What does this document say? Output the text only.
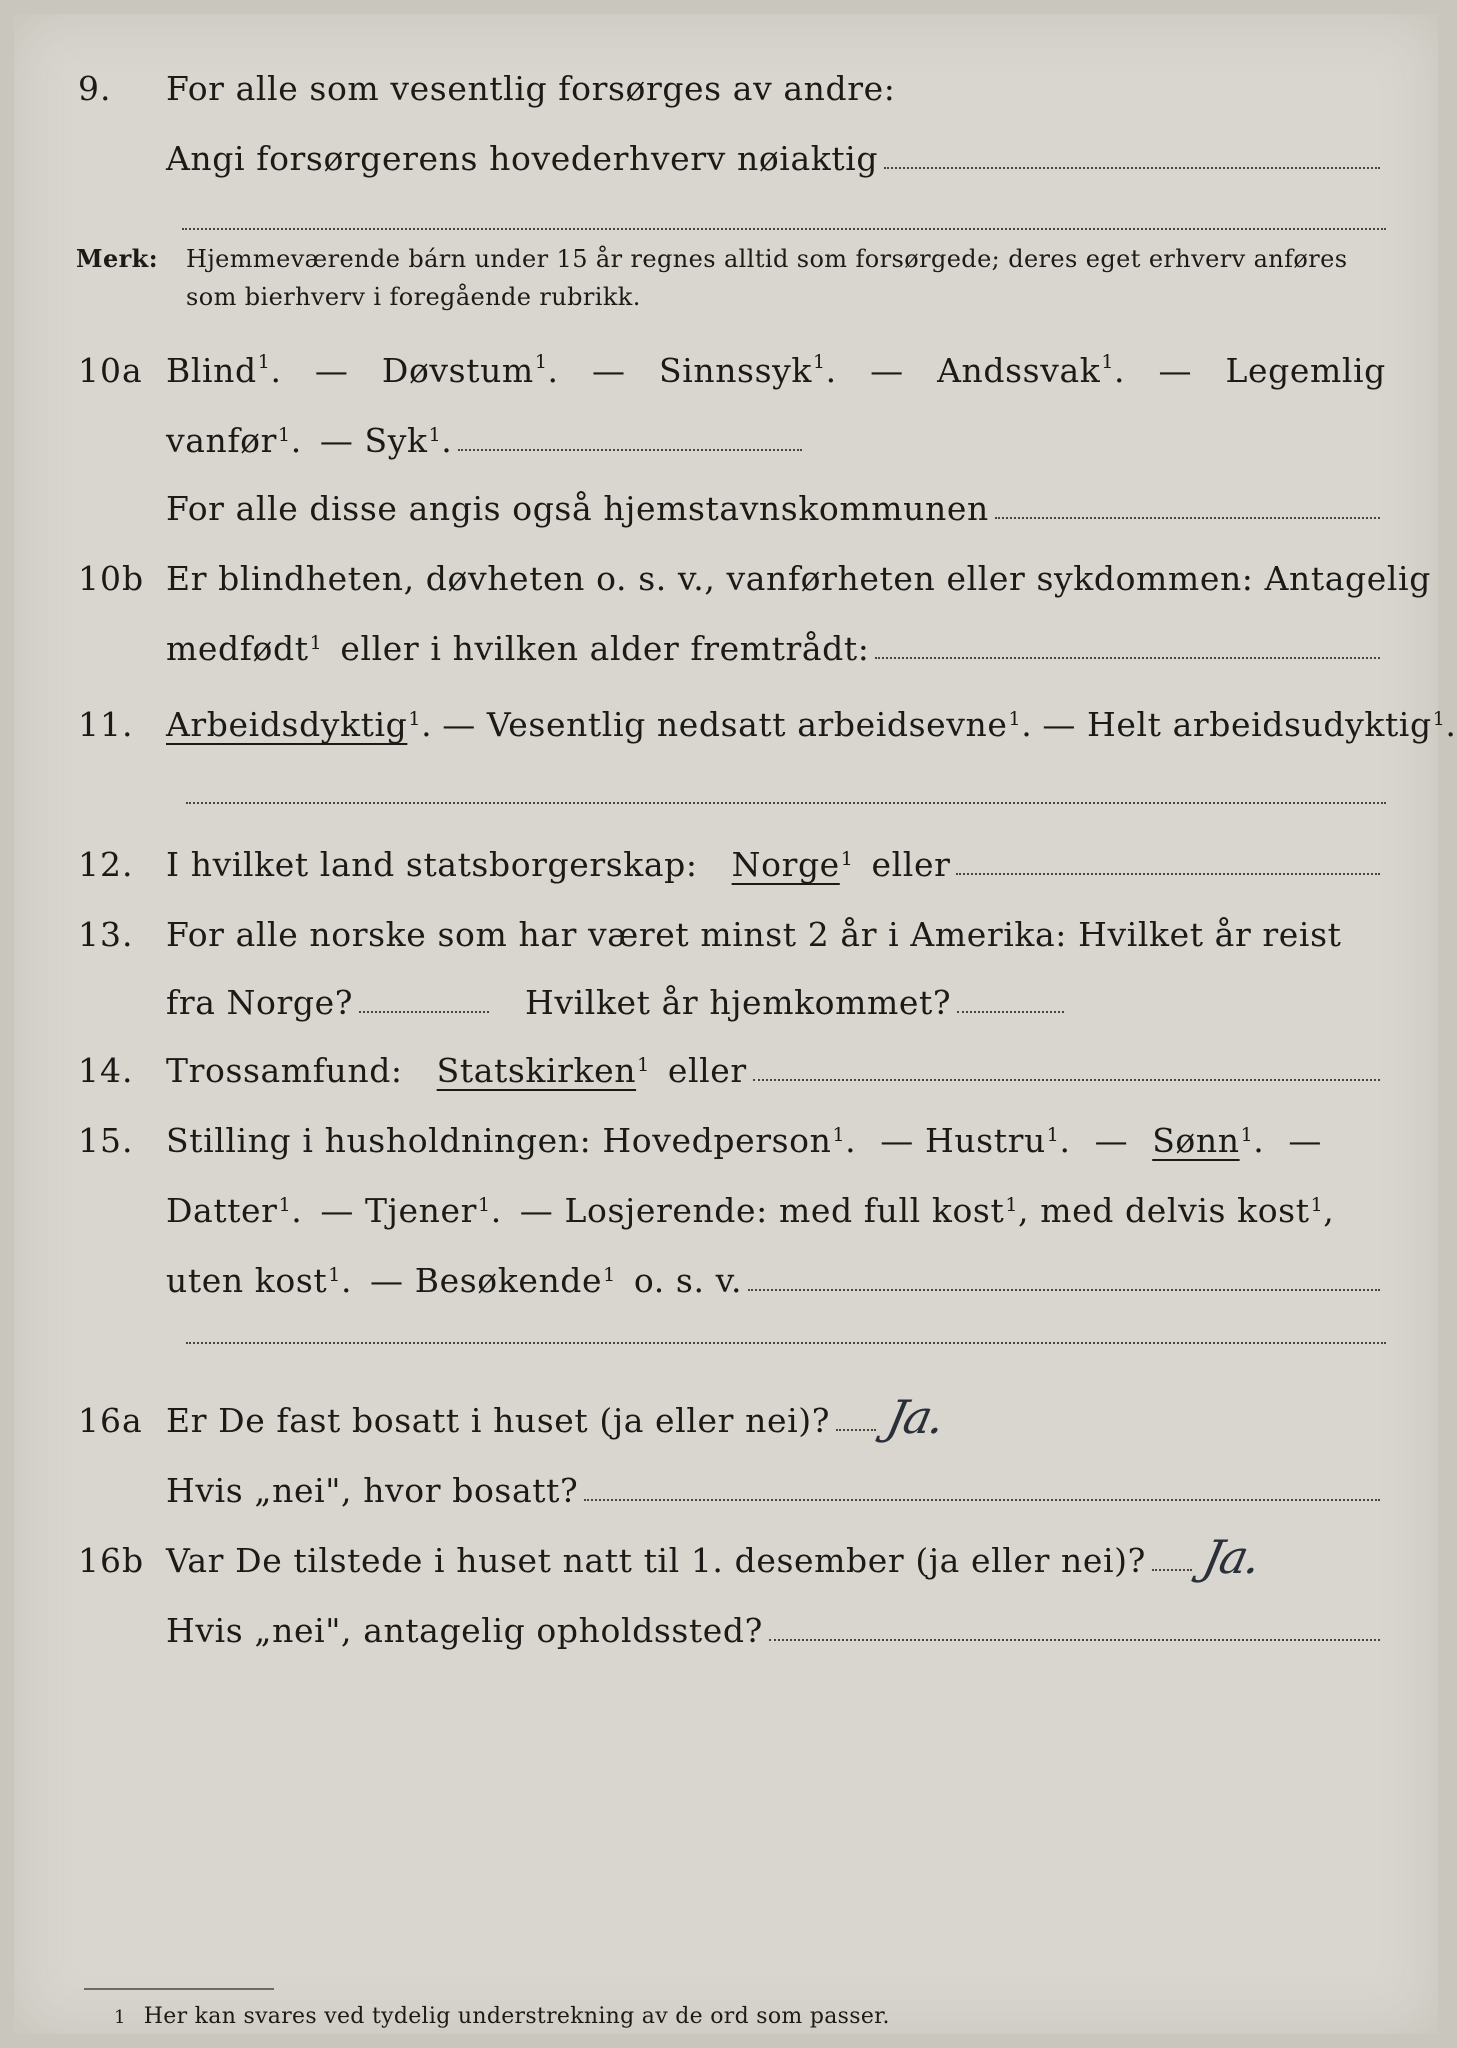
9. For alle som vesentlig forsørges av andre:
Angi forsørgerens hovederhverv nøiaktig
Merk: Hjemmeværende bárn under 15 år regnes alltid som forsørgede; deres eget erhverv anføres som bierhverv i foregående rubrikk.
10a Blind$^1$. — Døvstum$^1$. — Sinnssyk$^1$. — Andssvak$^1$. — Legemlig
vanfør 1 . — Syk 1 .
For alle disse angis også hjemstavnskommunen
10b Er blindheten, døvheten o. s. v., vanførheten eller sykdommen: Antagelig
medfødt 1 eller i hvilken alder fremtrådt:
11. Arbeidsdyktig 1 . — Vesentlig nedsatt arbeidsevne 1 . — Helt arbeidsudyktig 1 .
12. I hvilket land statsborgerskap: Norge 1 eller
13. For alle norske som har været minst 2 år i Amerika: Hvilket år reist
fra Norge?	Hvilket år hjemkommet?
14. Trossamfund: Statskirken 1 eller
15. Stilling i husholdningen: Hovedperson 1 . — Hustru 1 . — Sønn 1 . —
Datter 1 . — Tjener 1 . — Losjerende: med full kost 1 , med delvis kost 1 ,
uten kost 1 . — Besøkende 1 o. s. v.
16a Er De fast bosatt i huset (ja eller nei)? Ja.
Hvis „nei", hvor bosatt?
16b Var De tilstede i huset natt til 1. desember (ja eller nei)? Ja.
Hvis „nei", antagelig opholdssted?
1 Her kan svares ved tydelig understrekning av de ord som passer.
